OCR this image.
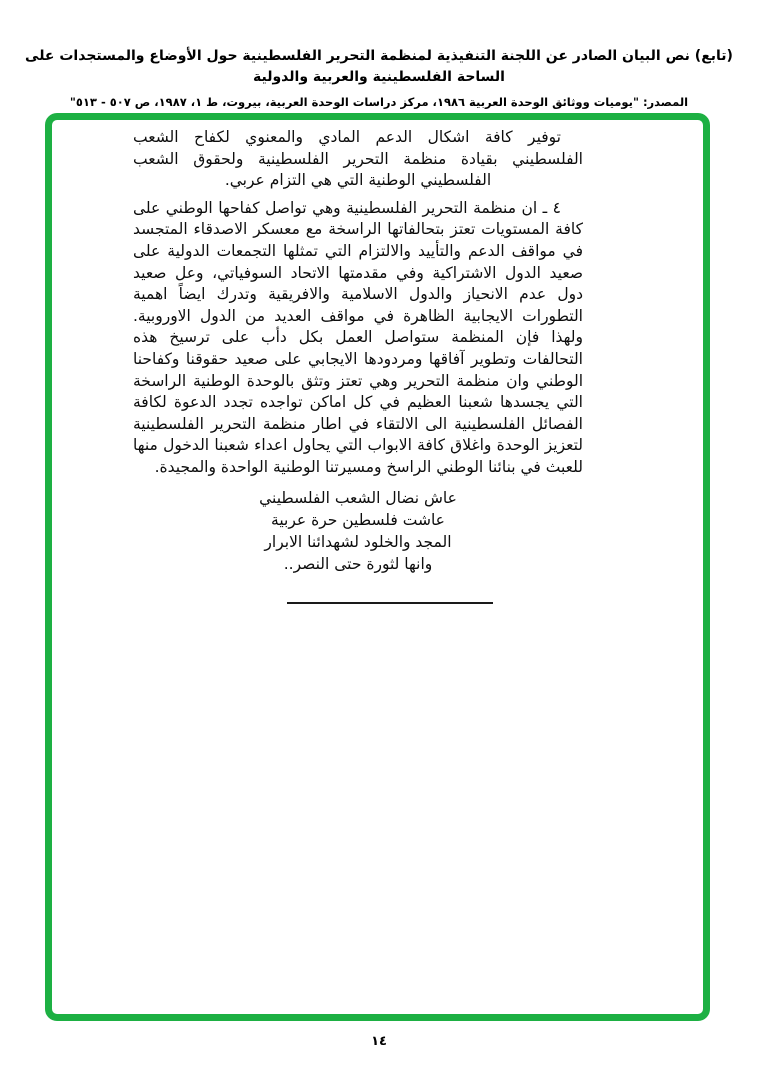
(تابع) نص البيان الصادر عن اللجنة التنفيذية لمنظمة التحرير الفلسطينية حول الأوضاع والمستجدات على الساحة الفلسطينية والعربية والدولية
المصدر: "يوميات ووثائق الوحدة العربية ١٩٨٦، مركز دراسات الوحدة العربية، بيروت، ط ١، ١٩٨٧، ص ٥٠٧ - ٥١٣"

توفير كافة اشكال الدعم المادي والمعنوي لكفاح الشعب الفلسطيني بقيادة منظمة التحرير الفلسطينية ولحقوق الشعب الفلسطيني الوطنية التي هي التزام عربي.

٤ ـ ان منظمة التحرير الفلسطينية وهي تواصل كفاحها الوطني على كافة المستويات تعتز بتحالفاتها الراسخة مع معسكر الاصدقاء المتجسد في مواقف الدعم والتأييد والالتزام التي تمثلها التجمعات الدولية على صعيد الدول الاشتراكية وفي مقدمتها الاتحاد السوفياتي، وعل صعيد دول عدم الانحياز والدول الاسلامية والافريقية وتدرك ايضاً اهمية التطورات الايجابية الظاهرة في مواقف العديد من الدول الاوروبية. ولهذا فإن المنظمة ستواصل العمل بكل دأب على ترسيخ هذه التحالفات وتطوير آفاقها ومردودها الايجابي على صعيد حقوقنا وكفاحنا الوطني وان منظمة التحرير وهي تعتز وتثق بالوحدة الوطنية الراسخة التي يجسدها شعبنا العظيم في كل اماكن تواجده تجدد الدعوة لكافة الفصائل الفلسطينية الى الالتقاء في اطار منظمة التحرير الفلسطينية لتعزيز الوحدة واغلاق كافة الابواب التي يحاول اعداء شعبنا الدخول منها للعبث في بنائنا الوطني الراسخ ومسيرتنا الوطنية الواحدة والمجيدة.

عاش نضال الشعب الفلسطيني

عاشت فلسطين حرة عربية

المجد والخلود لشهدائنا الابرار

وانها لثورة حتى النصر..

١٤
